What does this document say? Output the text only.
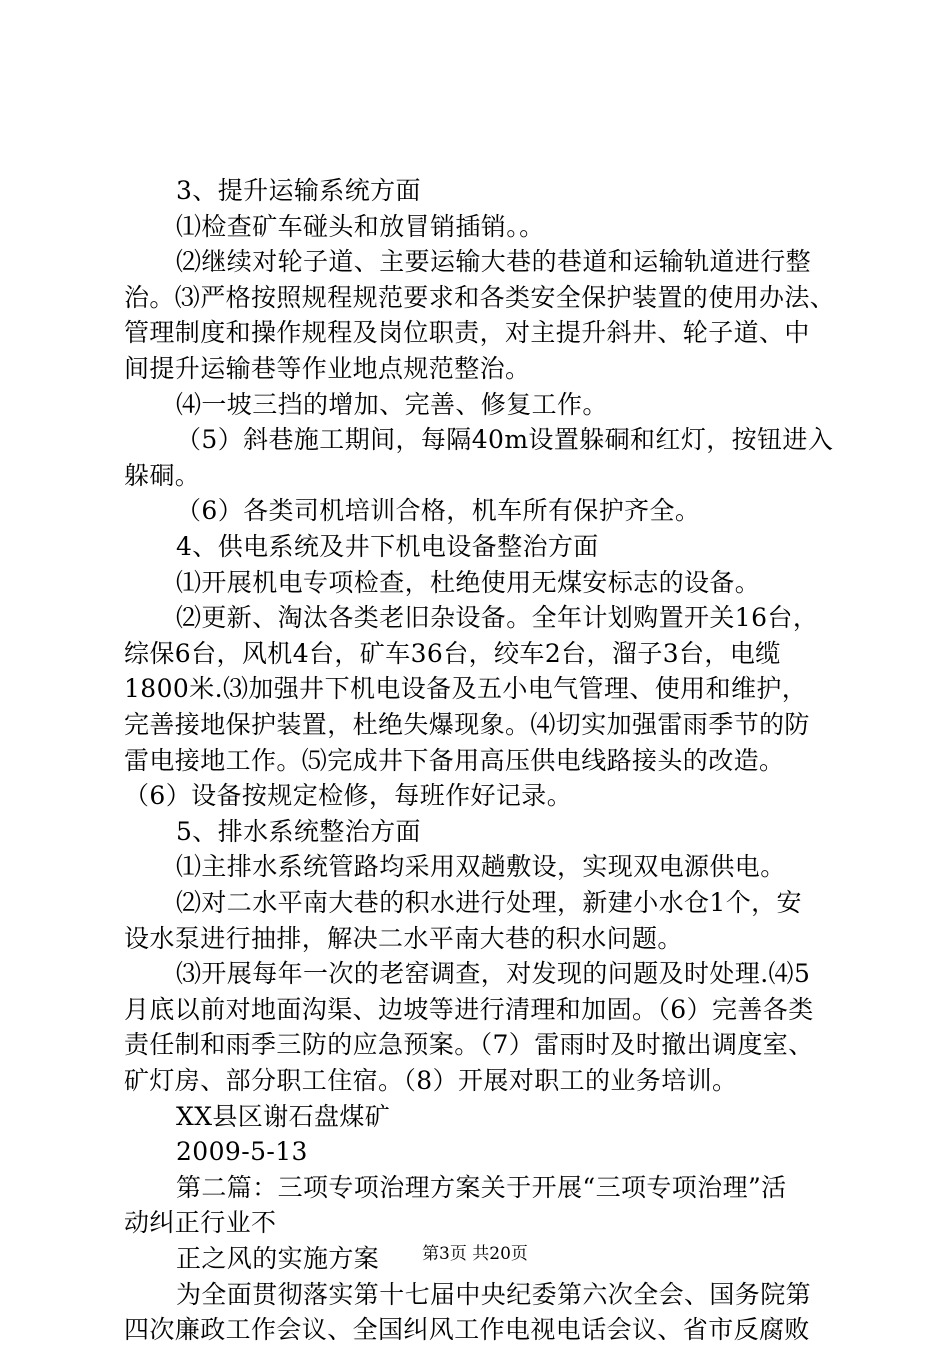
3、提升运输系统方面
⑴检查矿车碰头和放冒销插销。。
⑵继续对轮子道、主要运输大巷的巷道和运输轨道进行整
治。⑶严格按照规程规范要求和各类安全保护装置的使用办法、
管理制度和操作规程及岗位职责，对主提升斜井、轮子道、中
间提升运输巷等作业地点规范整治。
⑷一坡三挡的增加、完善、修复工作。
（5）斜巷施工期间，每隔40m设置躲硐和红灯，按钮进入
躲硐。
（6）各类司机培训合格，机车所有保护齐全。
4、供电系统及井下机电设备整治方面
⑴开展机电专项检查，杜绝使用无煤安标志的设备。
⑵更新、淘汰各类老旧杂设备。全年计划购置开关16台，
综保6台，风机4台，矿车36台，绞车2台，溜子3台，电缆
1800米.⑶加强井下机电设备及五小电气管理、使用和维护，
完善接地保护装置，杜绝失爆现象。⑷切实加强雷雨季节的防
雷电接地工作。⑸完成井下备用高压供电线路接头的改造。
（6）设备按规定检修，每班作好记录。
5、排水系统整治方面
⑴主排水系统管路均采用双趟敷设，实现双电源供电。
⑵对二水平南大巷的积水进行处理，新建小水仓1个，安
设水泵进行抽排，解决二水平南大巷的积水问题。
⑶开展每年一次的老窑调查，对发现的问题及时处理.⑷5
月底以前对地面沟渠、边坡等进行清理和加固。（6）完善各类
责任制和雨季三防的应急预案。（7）雷雨时及时撤出调度室、
矿灯房、部分职工住宿。（8）开展对职工的业务培训。
XX县区谢石盘煤矿
2009-5-13
第二篇：三项专项治理方案关于开展“三项专项治理”活
动纠正行业不
正之风的实施方案
为全面贯彻落实第十七届中央纪委第六次全会、国务院第
四次廉政工作会议、全国纠风工作电视电话会议、省市反腐败
第3页 共20页
